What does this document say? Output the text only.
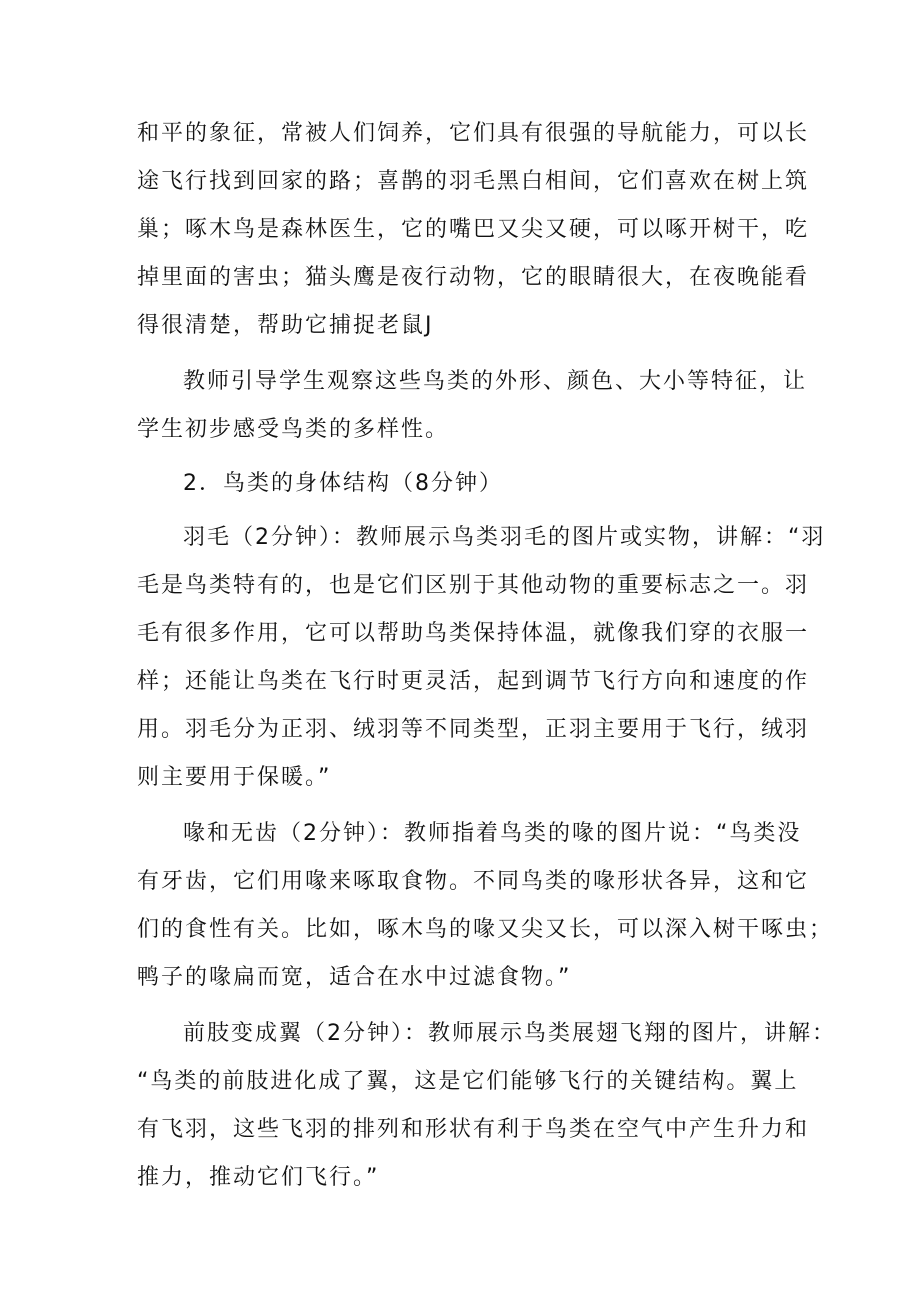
和平的象征，常被人们饲养，它们具有很强的导航能力，可以长
途飞行找到回家的路；喜鹊的羽毛黑白相间，它们喜欢在树上筑
巢；啄木鸟是森林医生，它的嘴巴又尖又硬，可以啄开树干，吃
掉里面的害虫；猫头鹰是夜行动物，它的眼睛很大，在夜晚能看
得很清楚，帮助它捕捉老鼠J
教师引导学生观察这些鸟类的外形、颜色、大小等特征，让
学生初步感受鸟类的多样性。
2．鸟类的身体结构（8分钟）
羽毛（2分钟）：教师展示鸟类羽毛的图片或实物，讲解：“羽
毛是鸟类特有的，也是它们区别于其他动物的重要标志之一。羽
毛有很多作用，它可以帮助鸟类保持体温，就像我们穿的衣服一
样；还能让鸟类在飞行时更灵活，起到调节飞行方向和速度的作
用。羽毛分为正羽、绒羽等不同类型，正羽主要用于飞行，绒羽
则主要用于保暖。”
喙和无齿（2分钟）：教师指着鸟类的喙的图片说：“鸟类没
有牙齿，它们用喙来啄取食物。不同鸟类的喙形状各异，这和它
们的食性有关。比如，啄木鸟的喙又尖又长，可以深入树干啄虫；
鸭子的喙扁而宽，适合在水中过滤食物。”
前肢变成翼（2分钟）：教师展示鸟类展翅飞翔的图片，讲解：
“鸟类的前肢进化成了翼，这是它们能够飞行的关键结构。翼上
有飞羽，这些飞羽的排列和形状有利于鸟类在空气中产生升力和
推力，推动它们飞行。”
